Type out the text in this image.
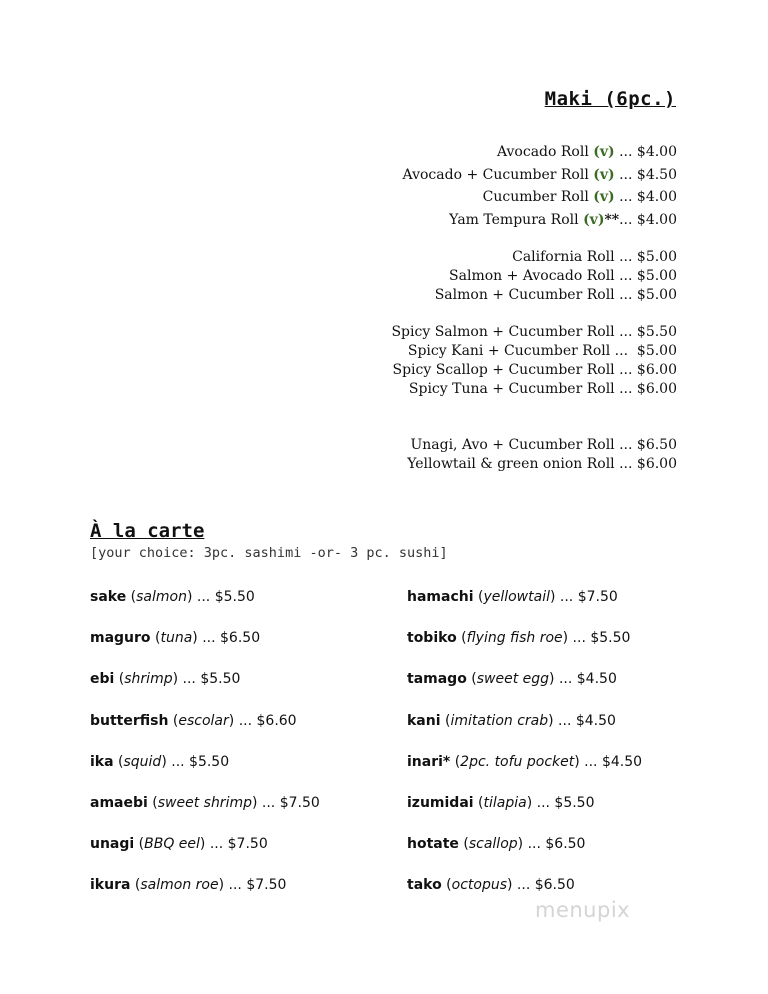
Maki (6pc.)
Avocado Roll (v) ... $4.00
Avocado + Cucumber Roll (v) ... $4.50
Cucumber Roll (v) ... $4.00
Yam Tempura Roll (v)**... $4.00
California Roll ... $5.00
Salmon + Avocado Roll ... $5.00
Salmon + Cucumber Roll ... $5.00
Spicy Salmon + Cucumber Roll ... $5.50
Spicy Kani + Cucumber Roll ...  $5.00
Spicy Scallop + Cucumber Roll ... $6.00
Spicy Tuna + Cucumber Roll ... $6.00
Unagi, Avo + Cucumber Roll ... $6.50
Yellowtail & green onion Roll ... $6.00
À la carte
[your choice: 3pc. sashimi -or- 3 pc. sushi]
sake (salmon) ... $5.50
maguro (tuna) ... $6.50
ebi (shrimp) ... $5.50
butterfish (escolar) ... $6.60
ika (squid) ... $5.50
amaebi (sweet shrimp) ... $7.50
unagi (BBQ eel) ... $7.50
ikura (salmon roe) ... $7.50
hamachi (yellowtail) ... $7.50
tobiko (flying fish roe) ... $5.50
tamago (sweet egg) ... $4.50
kani (imitation crab) ... $4.50
inari* (2pc. tofu pocket) ... $4.50
izumidai (tilapia) ... $5.50
hotate (scallop) ... $6.50
tako (octopus) ... $6.50
menupix
